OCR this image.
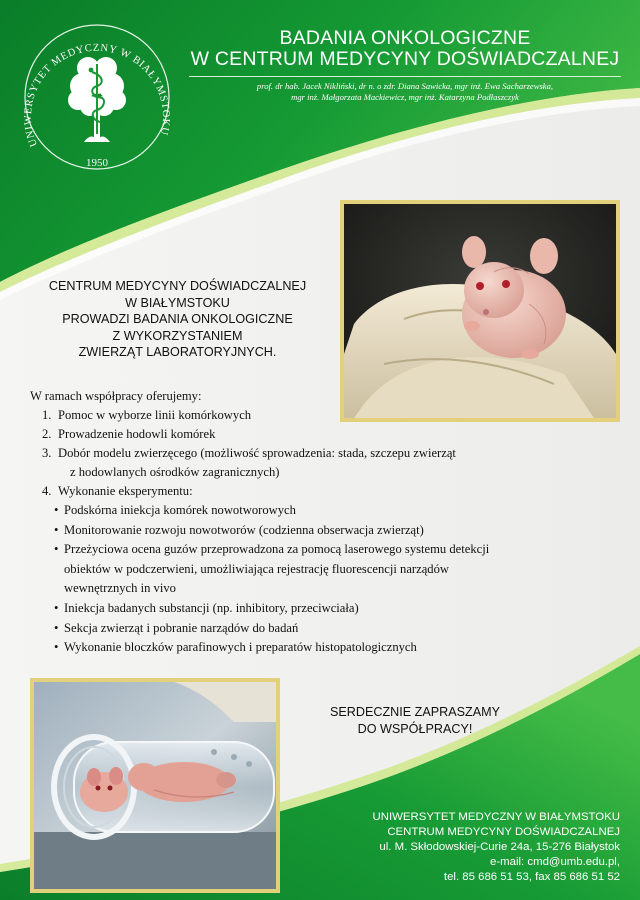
1950
UNIWERSYTET MEDYCZNY W BIAŁYMSTOKU
BADANIA ONKOLOGICZNE
W CENTRUM MEDYCYNY DOŚWIADCZALNEJ
prof. dr hab. Jacek Nikliński, dr n. o zdr. Diana Sawicka, mgr inż. Ewa Sacharzewska,
mgr inż. Małgorzata Mackiewicz, mgr inż. Katarzyna Podłaszczyk
CENTRUM MEDYCYNY DOŚWIADCZALNEJ
W BIAŁYMSTOKU
PROWADZI BADANIA ONKOLOGICZNE
Z WYKORZYSTANIEM
ZWIERZĄT LABORATORYJNYCH.
W ramach współpracy oferujemy:
1. Pomoc w wyborze linii komórkowych
2. Prowadzenie hodowli komórek
3. Dobór modelu zwierzęcego (możliwość sprowadzenia: stada, szczepu zwierząt
z hodowlanych ośrodków zagranicznych)
4. Wykonanie eksperymentu:
• Podskórna iniekcja komórek nowotworowych
• Monitorowanie rozwoju nowotworów (codzienna obserwacja zwierząt)
• Przeżyciowa ocena guzów przeprowadzona za pomocą laserowego systemu detekcji
obiektów w podczerwieni, umożliwiająca rejestrację fluorescencji narządów
wewnętrznych in vivo
• Iniekcja badanych substancji (np. inhibitory, przeciwciała)
• Sekcja zwierząt i pobranie narządów do badań
• Wykonanie bloczków parafinowych i preparatów histopatologicznych
SERDECZNIE ZAPRASZAMY
DO WSPÓŁPRACY!
UNIWERSYTET MEDYCZNY W BIAŁYMSTOKU
CENTRUM MEDYCYNY DOŚWIADCZALNEJ
ul. M. Skłodowskiej-Curie 24a, 15-276 Białystok
e-mail: cmd@umb.edu.pl,
tel. 85 686 51 53, fax 85 686 51 52
